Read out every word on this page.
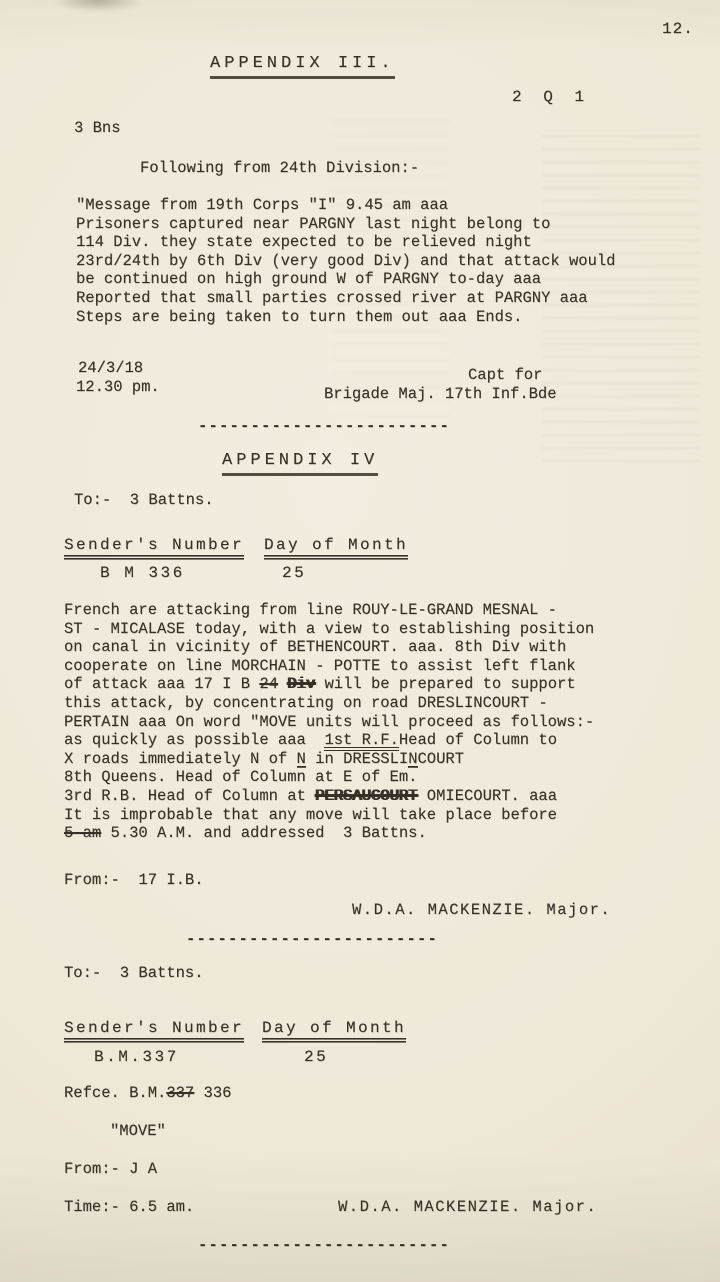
12.
APPENDIX III.
2 Q 1
3 Bns
Following from 24th Division:-
"Message from 19th Corps "I" 9.45 am aaa
Prisoners captured near PARGNY last night belong to
114 Div. they state expected to be relieved night
23rd/24th by 6th Div (very good Div) and that attack would
be continued on high ground W of PARGNY to-day aaa
Reported that small parties crossed river at PARGNY aaa
Steps are being taken to turn them out aaa Ends.
24/3/18
12.30 pm.
Capt for
Brigade Maj. 17th Inf.Bde
------------------------
APPENDIX IV
To:-  3 Battns.
Sender's Number Day of Month
B M 336	25
French are attacking from line ROUY-LE-GRAND MESNAL -
ST - MICALASE today, with a view to establishing position
on canal in vicinity of BETHENCOURT. aaa. 8th Div with
cooperate on line MORCHAIN - POTTE to assist left flank
of attack aaa 17 I B 24 Div will be prepared to support
this attack, by concentrating on road DRESLINCOURT -
PERTAIN aaa On word "MOVE units will proceed as follows:-
as quickly as possible aaa  1st R.F.Head of Column to
X roads immediately N of N in DRESSLINCOURT
8th Queens. Head of Column at E of Em.
3rd R.B. Head of Column at PERSAUCOURT OMIECOURT. aaa
It is improbable that any move will take place before
5-am 5.30 A.M. and addressed  3 Battns.
From:-  17 I.B.
W.D.A. MACKENZIE. Major.
------------------------
To:-  3 Battns.
Sender's Number Day of Month
B.M.337	25
Refce. B.M.337 336
"MOVE"
From:- J A
Time:- 6.5 am.	W.D.A. MACKENZIE. Major.
------------------------
